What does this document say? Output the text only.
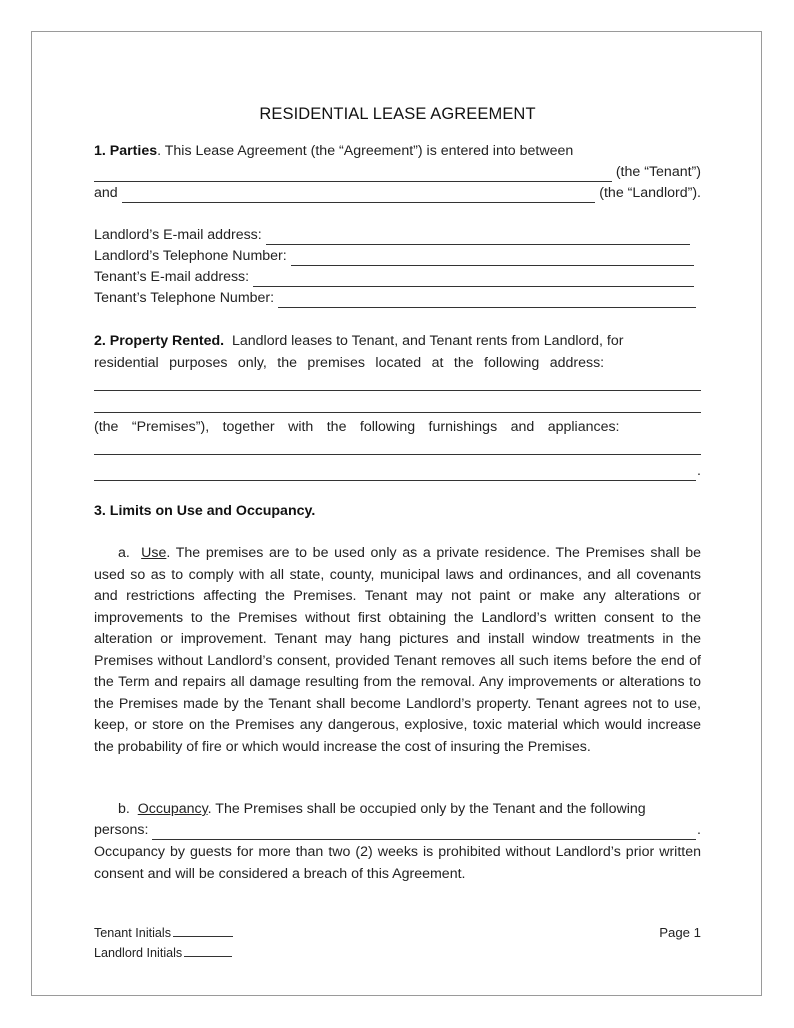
RESIDENTIAL LEASE AGREEMENT
1. Parties. This Lease Agreement (the “Agreement”) is entered into between
(the “Tenant”)
and	(the “Landlord”).
Landlord’s E-mail address:
Landlord’s Telephone Number:
Tenant’s E-mail address:
Tenant’s Telephone Number:
2. Property Rented. Landlord leases to Tenant, and Tenant rents from Landlord, for
residential purposes only, the premises located at the following address:
(the “Premises”), together with the following furnishings and appliances:
.
3. Limits on Use and Occupancy.
a. Use. The premises are to be used only as a private residence. The Premises shall be used so as to comply with all state, county, municipal laws and ordinances, and all covenants and restrictions affecting the Premises. Tenant may not paint or make any alterations or improvements to the Premises without first obtaining the Landlord’s written consent to the alteration or improvement. Tenant may hang pictures and install window treatments in the Premises without Landlord’s consent, provided Tenant removes all such items before the end of the Term and repairs all damage resulting from the removal. Any improvements or alterations to the Premises made by the Tenant shall become Landlord’s property. Tenant agrees not to use, keep, or store on the Premises any dangerous, explosive, toxic material which would increase the probability of fire or which would increase the cost of insuring the Premises.
b. Occupancy. The Premises shall be occupied only by the Tenant and the following
persons:	.
Occupancy by guests for more than two (2) weeks is prohibited without Landlord’s prior written consent and will be considered a breach of this Agreement.
Tenant Initials
Landlord Initials
Page 1
